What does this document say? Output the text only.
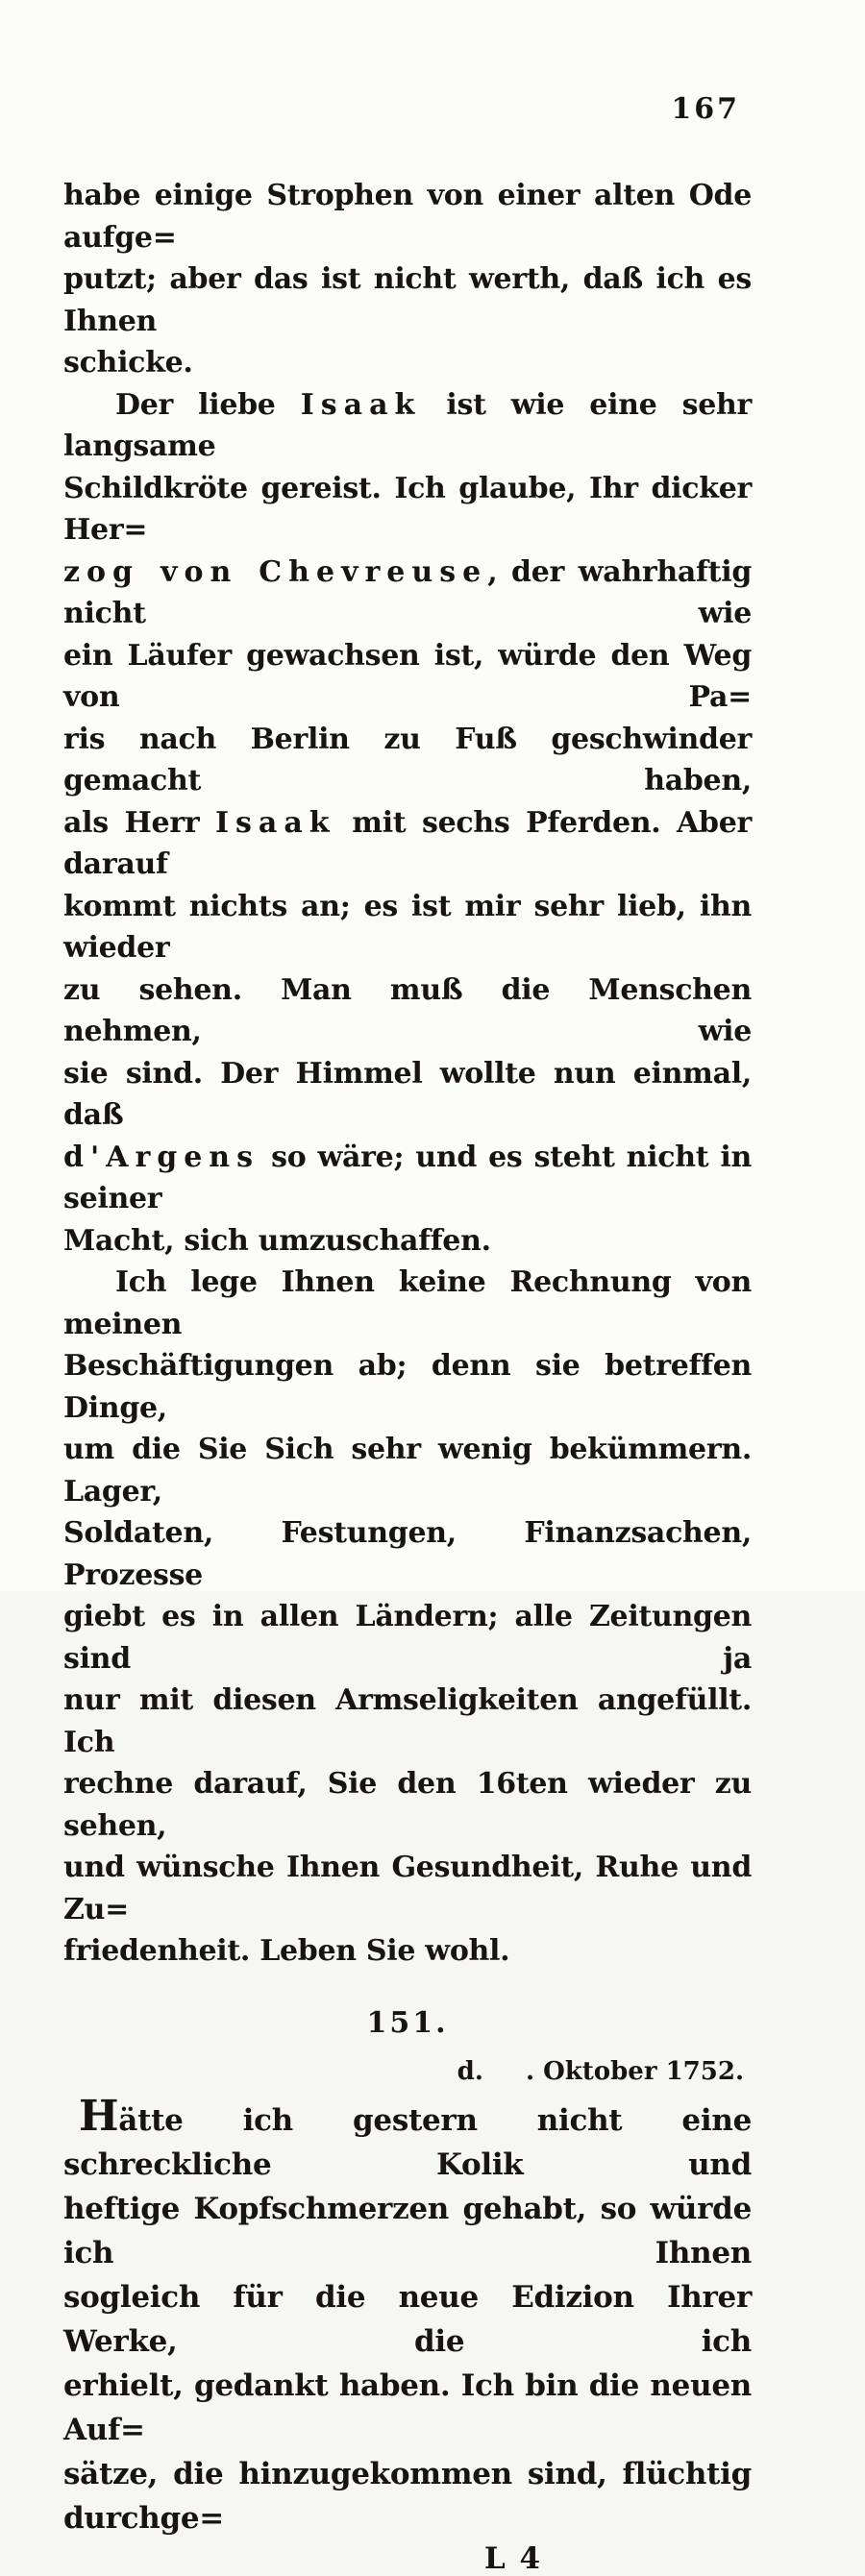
167
habe einige Strophen von einer alten Ode aufge=
putzt; aber das ist nicht werth, daß ich es Ihnen
schicke.
Der liebe Isaak ist wie eine sehr langsame
Schildkröte gereist. Ich glaube, Ihr dicker Her=
zog von Chevreuse, der wahrhaftig nicht wie
ein Läufer gewachsen ist, würde den Weg von Pa=
ris nach Berlin zu Fuß geschwinder gemacht haben,
als Herr Isaak mit sechs Pferden. Aber darauf
kommt nichts an; es ist mir sehr lieb, ihn wieder
zu sehen. Man muß die Menschen nehmen, wie
sie sind. Der Himmel wollte nun einmal, daß
d'Argens so wäre; und es steht nicht in seiner
Macht, sich umzuschaffen.
Ich lege Ihnen keine Rechnung von meinen
Beschäftigungen ab; denn sie betreffen Dinge,
um die Sie Sich sehr wenig bekümmern. Lager,
Soldaten, Festungen, Finanzsachen, Prozesse
giebt es in allen Ländern; alle Zeitungen sind ja
nur mit diesen Armseligkeiten angefüllt. Ich
rechne darauf, Sie den 16ten wieder zu sehen,
und wünsche Ihnen Gesundheit, Ruhe und Zu=
friedenheit. Leben Sie wohl.
151.
d.   . Oktober 1752.
Hätte ich gestern nicht eine schreckliche Kolik und
heftige Kopfschmerzen gehabt, so würde ich Ihnen
sogleich für die neue Edizion Ihrer Werke, die ich
erhielt, gedankt haben. Ich bin die neuen Auf=
sätze, die hinzugekommen sind, flüchtig durchge=
L 4
